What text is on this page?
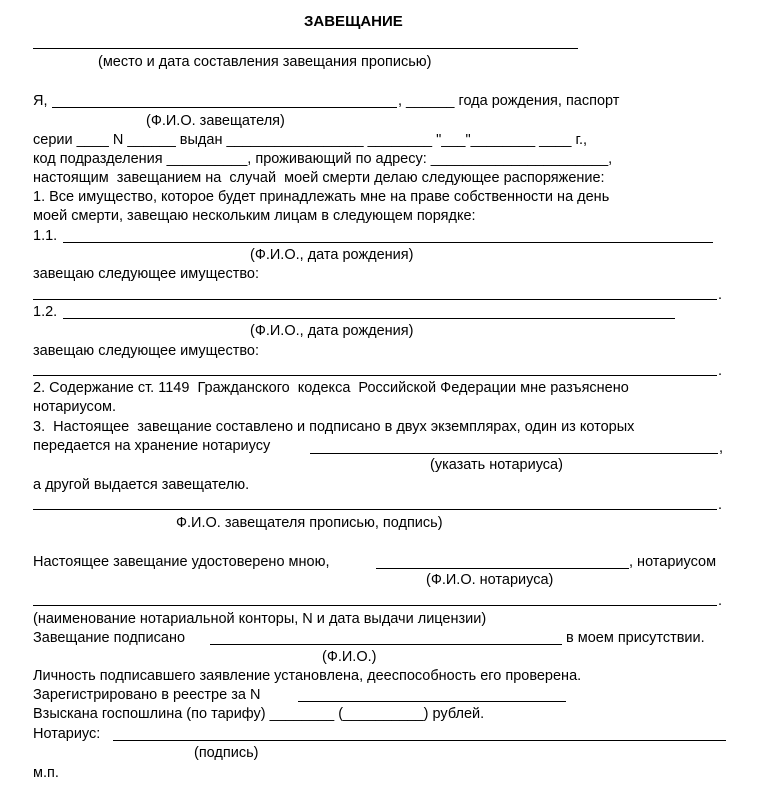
ЗАВЕЩАНИЕ
(место и дата составления завещания прописью)
Я,	, ______ года рождения, паспорт
(Ф.И.О. завещателя)
серии ____ N ______ выдан _________________ ________ "___"________ ____ г.,
код подразделения __________, проживающий по адресу: ______________________,
настоящим  завещанием на  случай  моей смерти делаю следующее распоряжение:
1. Все имущество, которое будет принадлежать мне на праве собственности на день
моей смерти, завещаю нескольким лицам в следующем порядке:
1.1.
(Ф.И.О., дата рождения)
завещаю следующее имущество:
.
1.2.
(Ф.И.О., дата рождения)
завещаю следующее имущество:
.
2. Содержание ст. 1149  Гражданского  кодекса  Российской Федерации мне разъяснено
нотариусом.
3.  Настоящее  завещание составлено и подписано в двух экземплярах, один из которых
передается на хранение нотариусу	,
(указать нотариуса)
а другой выдается завещателю.
.
Ф.И.О. завещателя прописью, подпись)
Настоящее завещание удостоверено мною,	, нотариусом
(Ф.И.О. нотариуса)
.
(наименование нотариальной конторы, N и дата выдачи лицензии)
Завещание подписано	в моем присутствии.
(Ф.И.О.)
Личность подписавшего заявление установлена, дееспособность его проверена.
Зарегистрировано в реестре за N
Взыскана госпошлина (по тарифу) ________ (__________) рублей.
Нотариус:
(подпись)
м.п.
